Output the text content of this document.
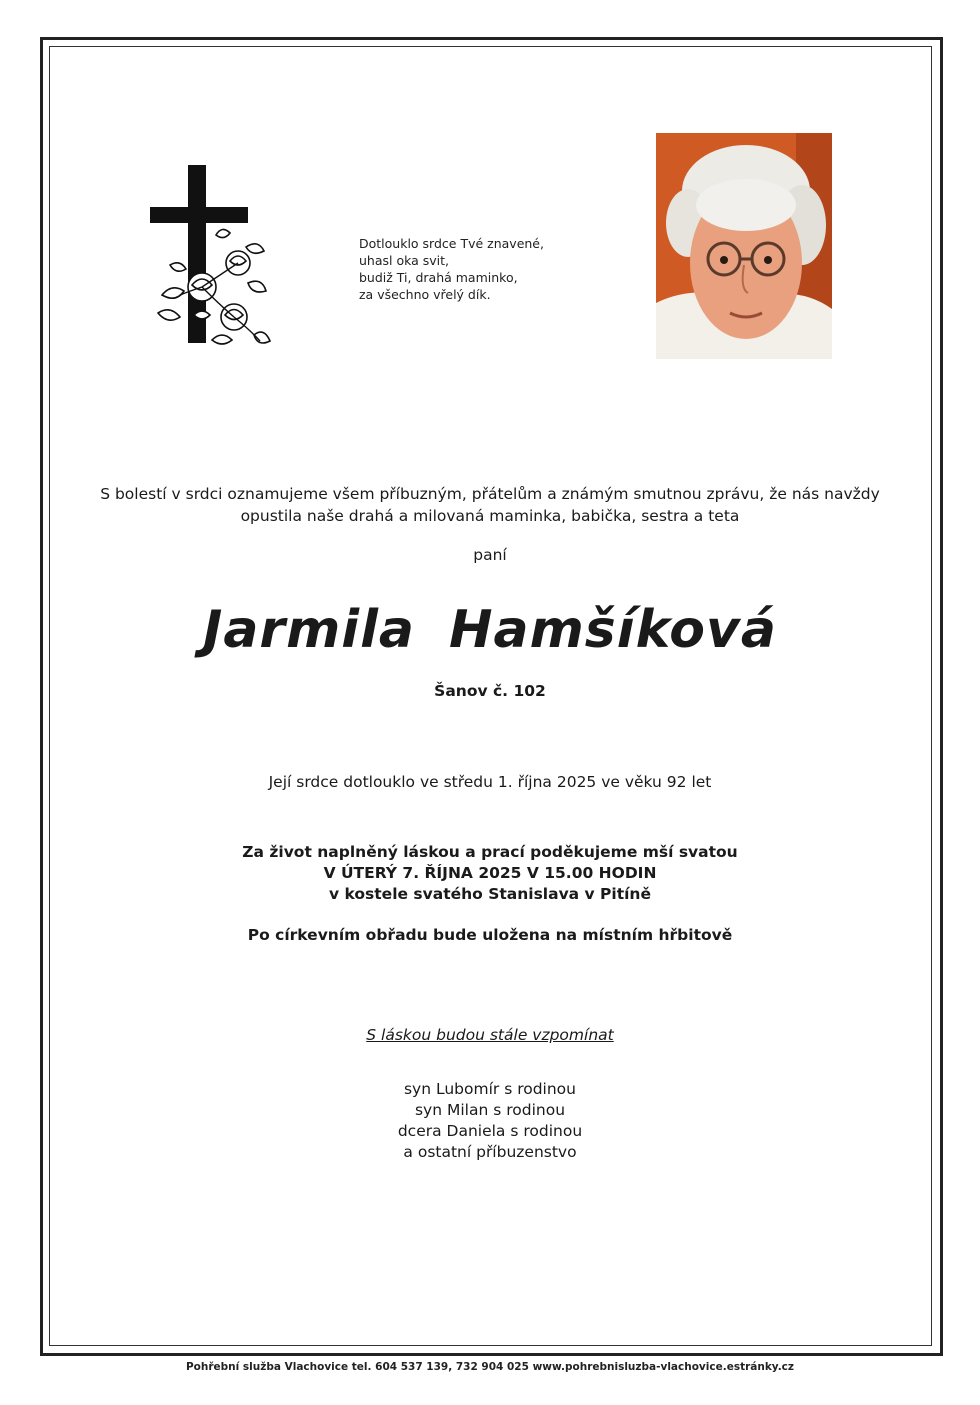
Dotlouklo srdce Tvé znavené,
uhasl oka svit,
budiž Ti, drahá maminko,
za všechno vřelý dík.
S bolestí v srdci oznamujeme všem příbuzným, přátelům a známým smutnou zprávu, že nás navždy
opustila naše drahá a milovaná maminka, babička, sestra a teta
paní
Jarmila Hamšíková
Šanov č. 102
Její srdce dotlouklo ve středu 1. října 2025 ve věku 92 let
Za život naplněný láskou a prací poděkujeme mší svatou
V ÚTERÝ 7. ŘÍJNA 2025 V 15.00 HODIN
v kostele svatého Stanislava v Pitíně
Po církevním obřadu bude uložena na místním hřbitově
S láskou budou stále vzpomínat
syn Lubomír s rodinou
syn Milan s rodinou
dcera Daniela s rodinou
a ostatní příbuzenstvo
Pohřební služba Vlachovice tel. 604 537 139, 732 904 025 www.pohrebnisluzba-vlachovice.estránky.cz
